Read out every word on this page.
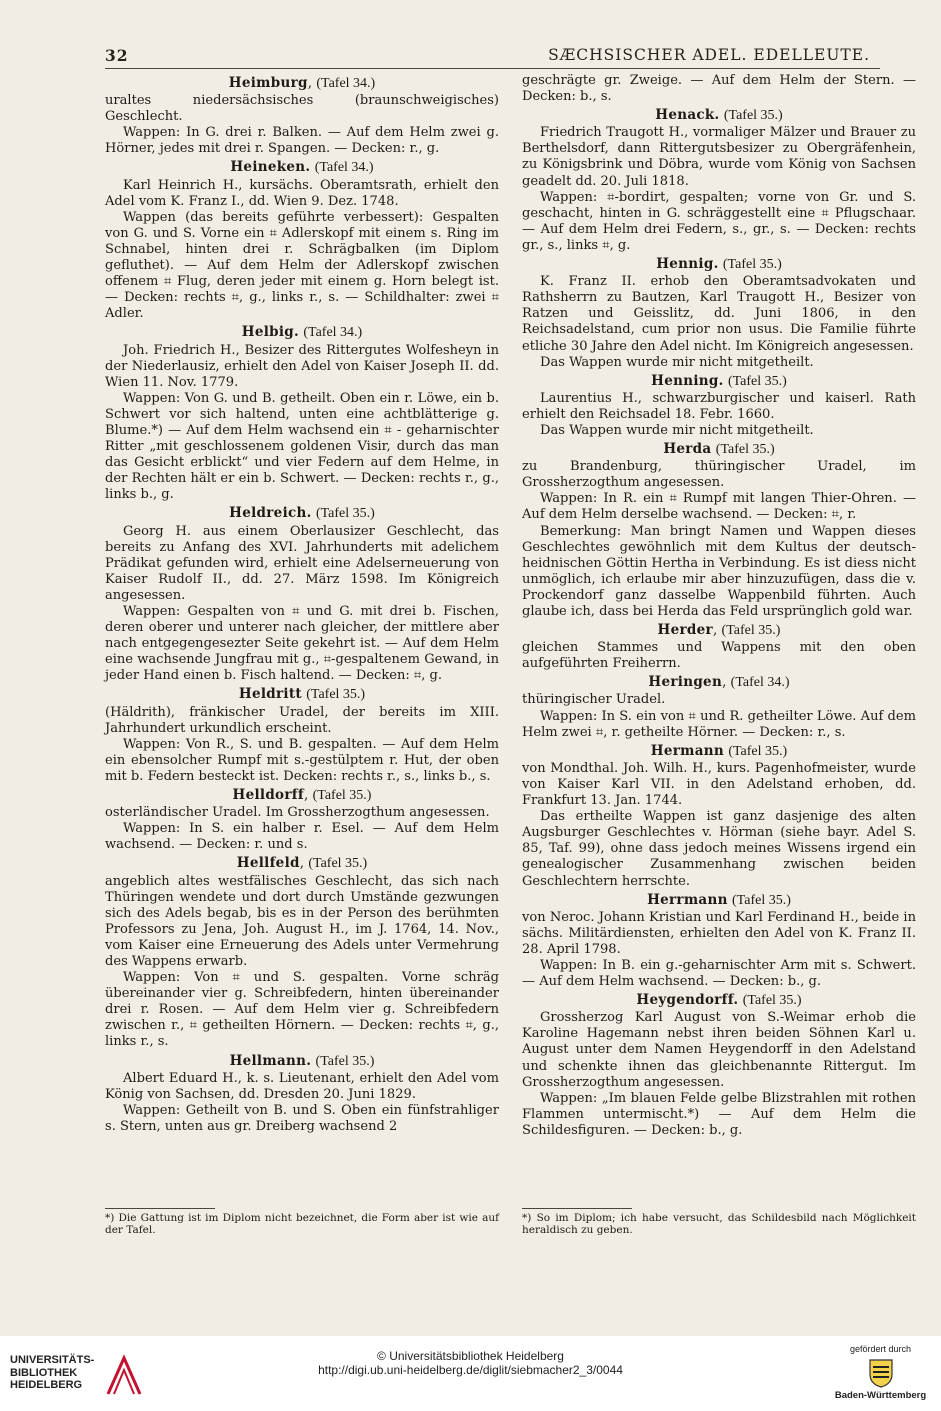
32	SÆCHSISCHER ADEL. EDELLEUTE.
Heimburg, (Tafel 34.)

uraltes niedersächsisches (braunschweigisches) Geschlecht.

Wappen: In G. drei r. Balken. — Auf dem Helm zwei g. Hörner, jedes mit drei r. Spangen. — Decken: r., g.

Heineken. (Tafel 34.)

Karl Heinrich H., kursächs. Oberamtsrath, erhielt den Adel vom K. Franz I., dd. Wien 9. Dez. 1748.

Wappen (das bereits geführte verbessert): Gespalten von G. und S. Vorne ein ⌗ Adlerskopf mit einem s. Ring im Schnabel, hinten drei r. Schrägbalken (im Diplom gefluthet). — Auf dem Helm der Adlerskopf zwischen offenem ⌗ Flug, deren jeder mit einem g. Horn belegt ist. — Decken: rechts ⌗, g., links r., s. — Schildhalter: zwei ⌗ Adler.

Helbig. (Tafel 34.)

Joh. Friedrich H., Besizer des Rittergutes Wolfesheyn in der Niederlausiz, erhielt den Adel von Kaiser Joseph II. dd. Wien 11. Nov. 1779.

Wappen: Von G. und B. getheilt. Oben ein r. Löwe, ein b. Schwert vor sich haltend, unten eine achtblätterige g. Blume.*) — Auf dem Helm wachsend ein ⌗ - geharnischter Ritter „mit geschlossenem goldenen Visir, durch das man das Gesicht erblickt“ und vier Federn auf dem Helme, in der Rechten hält er ein b. Schwert. — Decken: rechts r., g., links b., g.

Heldreich. (Tafel 35.)

Georg H. aus einem Oberlausizer Geschlecht, das bereits zu Anfang des XVI. Jahrhunderts mit adelichem Prädikat gefunden wird, erhielt eine Adelserneuerung von Kaiser Rudolf II., dd. 27. März 1598. Im Königreich angesessen.

Wappen: Gespalten von ⌗ und G. mit drei b. Fischen, deren oberer und unterer nach gleicher, der mittlere aber nach entgegengesezter Seite gekehrt ist. — Auf dem Helm eine wachsende Jungfrau mit g., ⌗-gespaltenem Gewand, in jeder Hand einen b. Fisch haltend. — Decken: ⌗, g.

Heldritt (Tafel 35.)

(Häldrith), fränkischer Uradel, der bereits im XIII. Jahrhundert urkundlich erscheint.

Wappen: Von R., S. und B. gespalten. — Auf dem Helm ein ebensolcher Rumpf mit s.-gestülptem r. Hut, der oben mit b. Federn besteckt ist. Decken: rechts r., s., links b., s.

Helldorff, (Tafel 35.)

osterländischer Uradel. Im Grossherzogthum angesessen.

Wappen: In S. ein halber r. Esel. — Auf dem Helm wachsend. — Decken: r. und s.

Hellfeld, (Tafel 35.)

angeblich altes westfälisches Geschlecht, das sich nach Thüringen wendete und dort durch Umstände gezwungen sich des Adels begab, bis es in der Person des berühmten Professors zu Jena, Joh. August H., im J. 1764, 14. Nov., vom Kaiser eine Erneuerung des Adels unter Vermehrung des Wappens erwarb.

Wappen: Von ⌗ und S. gespalten. Vorne schräg übereinander vier g. Schreibfedern, hinten übereinander drei r. Rosen. — Auf dem Helm vier g. Schreibfedern zwischen r., ⌗ getheilten Hörnern. — Decken: rechts ⌗, g., links r., s.

Hellmann. (Tafel 35.)

Albert Eduard H., k. s. Lieutenant, erhielt den Adel vom König von Sachsen, dd. Dresden 20. Juni 1829.

Wappen: Getheilt von B. und S. Oben ein fünfstrahliger s. Stern, unten aus gr. Dreiberg wachsend 2

geschrägte gr. Zweige. — Auf dem Helm der Stern. — Decken: b., s.

Henack. (Tafel 35.)

Friedrich Traugott H., vormaliger Mälzer und Brauer zu Berthelsdorf, dann Rittergutsbesizer zu Obergräfenhein, zu Königsbrink und Döbra, wurde vom König von Sachsen geadelt dd. 20. Juli 1818.

Wappen: ⌗-bordirt, gespalten; vorne von Gr. und S. geschacht, hinten in G. schräggestellt eine ⌗ Pflugschaar. — Auf dem Helm drei Federn, s., gr., s. — Decken: rechts gr., s., links ⌗, g.

Hennig. (Tafel 35.)

K. Franz II. erhob den Oberamtsadvokaten und Rathsherrn zu Bautzen, Karl Traugott H., Besizer von Ratzen und Geisslitz, dd. Juni 1806, in den Reichsadelstand, cum prior non usus. Die Familie führte etliche 30 Jahre den Adel nicht. Im Königreich angesessen.

Das Wappen wurde mir nicht mitgetheilt.

Henning. (Tafel 35.)

Laurentius H., schwarzburgischer und kaiserl. Rath erhielt den Reichsadel 18. Febr. 1660.

Das Wappen wurde mir nicht mitgetheilt.

Herda (Tafel 35.)

zu Brandenburg, thüringischer Uradel, im Grossherzogthum angesessen.

Wappen: In R. ein ⌗ Rumpf mit langen Thier-Ohren. — Auf dem Helm derselbe wachsend. — Decken: ⌗, r.

Bemerkung: Man bringt Namen und Wappen dieses Geschlechtes gewöhnlich mit dem Kultus der deutsch-heidnischen Göttin Hertha in Verbindung. Es ist diess nicht unmöglich, ich erlaube mir aber hinzuzufügen, dass die v. Prockendorf ganz dasselbe Wappenbild führten. Auch glaube ich, dass bei Herda das Feld ursprünglich gold war.

Herder, (Tafel 35.)

gleichen Stammes und Wappens mit den oben aufgeführten Freiherrn.

Heringen, (Tafel 34.)

thüringischer Uradel.

Wappen: In S. ein von ⌗ und R. getheilter Löwe. Auf dem Helm zwei ⌗, r. getheilte Hörner. — Decken: r., s.

Hermann (Tafel 35.)

von Mondthal. Joh. Wilh. H., kurs. Pagenhofmeister, wurde von Kaiser Karl VII. in den Adelstand erhoben, dd. Frankfurt 13. Jan. 1744.

Das ertheilte Wappen ist ganz dasjenige des alten Augsburger Geschlechtes v. Hörman (siehe bayr. Adel S. 85, Taf. 99), ohne dass jedoch meines Wissens irgend ein genealogischer Zusammenhang zwischen beiden Geschlechtern herrschte.

Herrmann (Tafel 35.)

von Neroc. Johann Kristian und Karl Ferdinand H., beide in sächs. Militärdiensten, erhielten den Adel von K. Franz II. 28. April 1798.

Wappen: In B. ein g.-geharnischter Arm mit s. Schwert. — Auf dem Helm wachsend. — Decken: b., g.

Heygendorff. (Tafel 35.)

Grossherzog Karl August von S.-Weimar erhob die Karoline Hagemann nebst ihren beiden Söhnen Karl u. August unter dem Namen Heygendorff in den Adelstand und schenkte ihnen das gleichbenannte Rittergut. Im Grossherzogthum angesessen.

Wappen: „Im blauen Felde gelbe Blizstrahlen mit rothen Flammen untermischt.*) — Auf dem Helm die Schildesfiguren. — Decken: b., g.

*) Die Gattung ist im Diplom nicht bezeichnet, die Form aber ist wie auf der Tafel.
*) So im Diplom; ich habe versucht, das Schildesbild nach Möglichkeit heraldisch zu geben.
UNIVERSITÄTS-
BIBLIOTHEK
HEIDELBERG
© Universitätsbibliothek Heidelberg
http://digi.ub.uni-heidelberg.de/diglit/siebmacher2_3/0044
gefördert durch
Baden-Württemberg
